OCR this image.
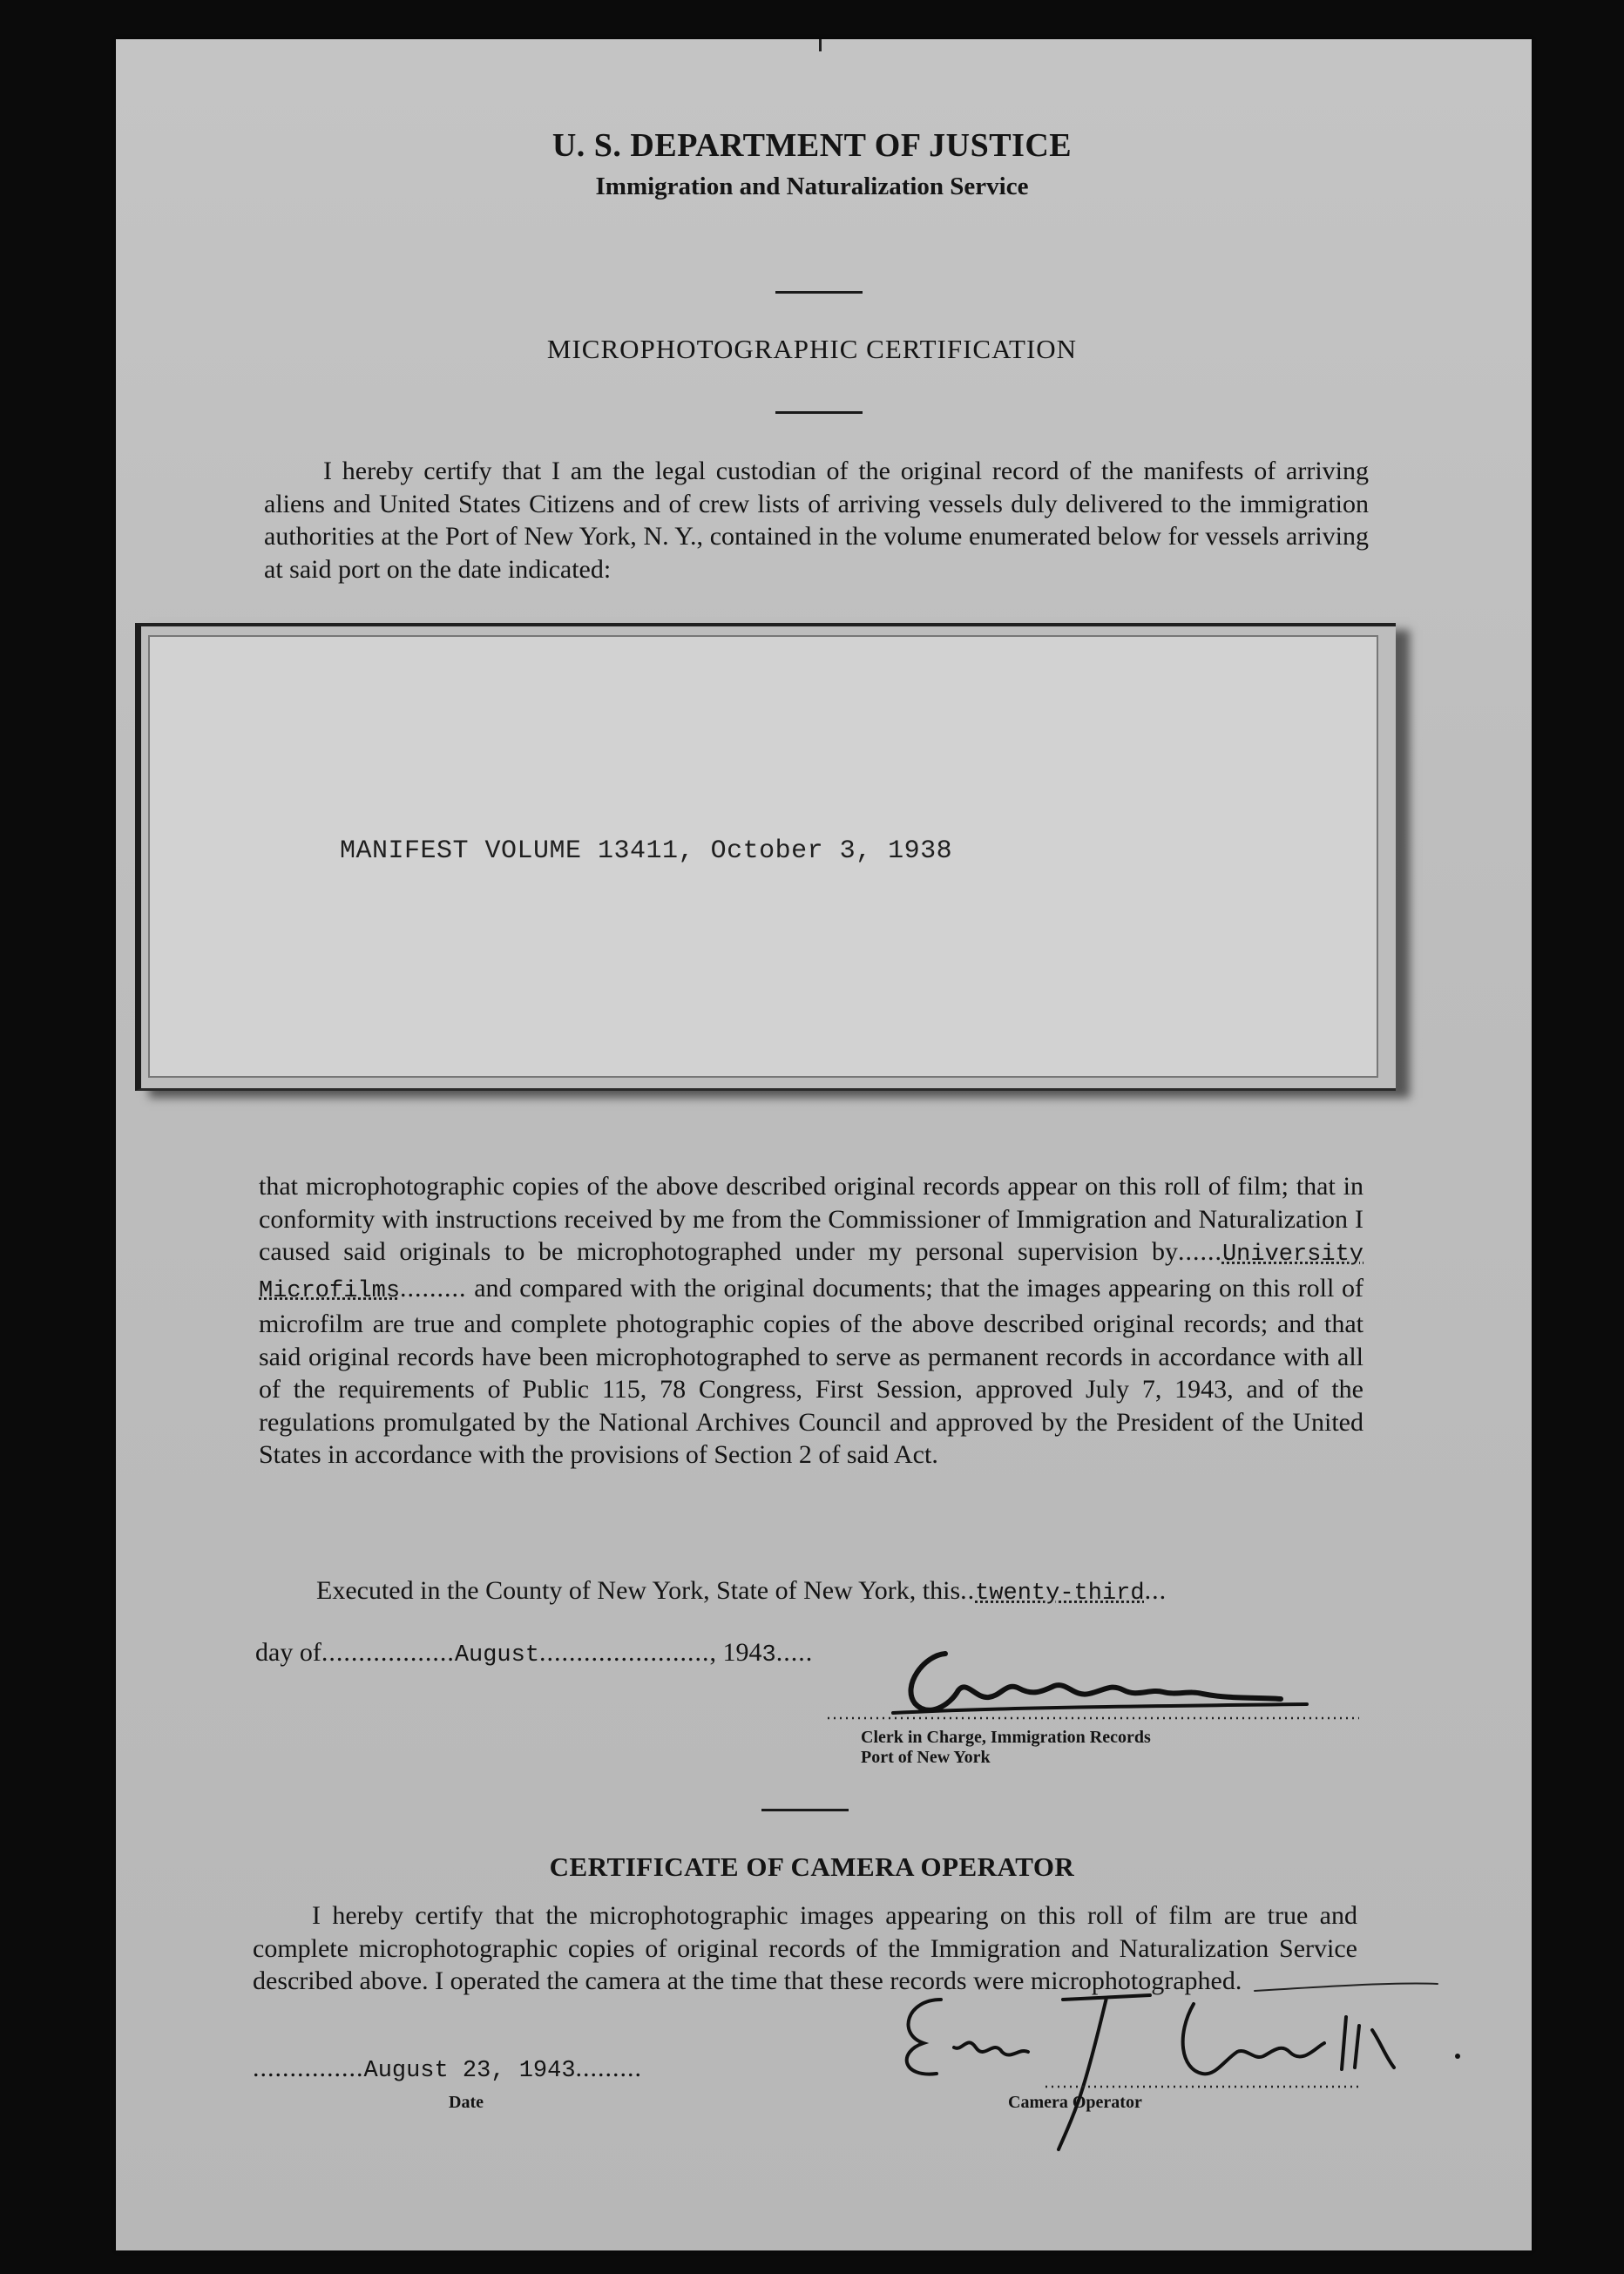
U. S. DEPARTMENT OF JUSTICE
Immigration and Naturalization Service
MICROPHOTOGRAPHIC CERTIFICATION
I hereby certify that I am the legal custodian of the original record of the manifests of arriving aliens and United States Citizens and of crew lists of arriving vessels duly delivered to the immigration authorities at the Port of New York, N. Y., contained in the volume enumerated below for vessels arriving at said port on the date indicated:
MANIFEST VOLUME 13411, October 3, 1938
that microphotographic copies of the above described original records appear on this roll of film; that in conformity with instructions received by me from the Commissioner of Immigration and Naturalization I caused said originals to be microphotographed under my personal supervision by......University Microfilms......... and compared with the original documents; that the images appearing on this roll of microfilm are true and complete photographic copies of the above described original records; and that said original records have been microphotographed to serve as permanent records in accordance with all of the requirements of Public 115, 78 Congress, First Session, approved July 7, 1943, and of the regulations promulgated by the National Archives Council and approved by the President of the United States in accordance with the provisions of Section 2 of said Act.
Executed in the County of New York, State of New York, this..twenty-third...
day of..................August......................., 1943.....
Clerk in Charge, Immigration Records
Port of New York
CERTIFICATE OF CAMERA OPERATOR
I hereby certify that the microphotographic images appearing on this roll of film are true and complete microphotographic copies of original records of the Immigration and Naturalization Service described above. I operated the camera at the time that these records were microphotographed.
...............August 23, 1943.........
Date	Camera Operator
